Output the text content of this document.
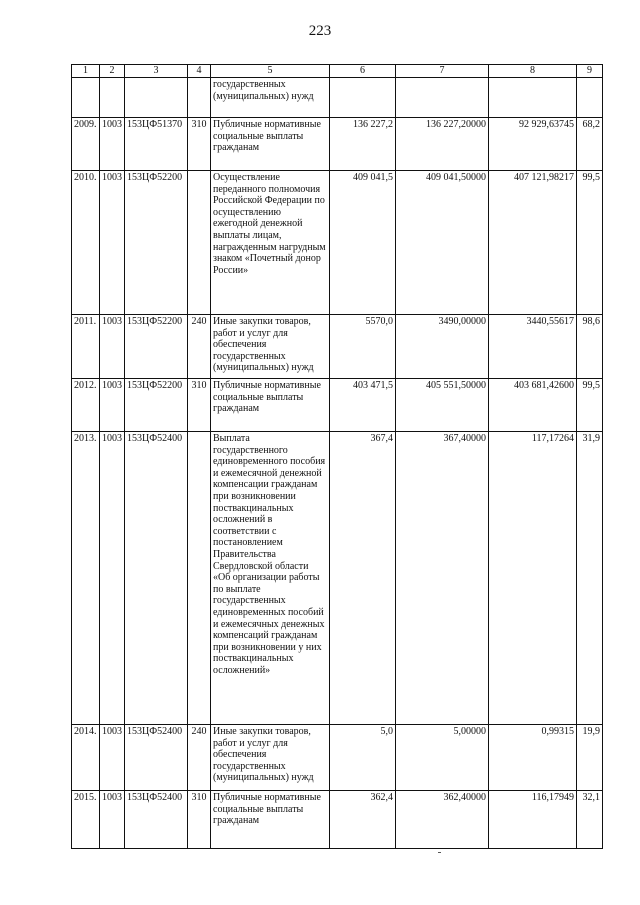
223
1	2	3	4	5	6	7	8	9
				государственных (муниципальных) нужд				
2009.	1003	153ЦФ51370	310	Публичные нормативные социальные выплаты гражданам	136 227,2	136 227,20000	92 929,63745	68,2
2010.	1003	153ЦФ52200		Осуществление переданного полномочия Российской Федерации по осуществлению ежегодной денежной выплаты лицам, награжденным нагрудным знаком «Почетный донор России»	409 041,5	409 041,50000	407 121,98217	99,5
2011.	1003	153ЦФ52200	240	Иные закупки товаров, работ и услуг для обеспечения государственных (муниципальных) нужд	5570,0	3490,00000	3440,55617	98,6
2012.	1003	153ЦФ52200	310	Публичные нормативные социальные выплаты гражданам	403 471,5	405 551,50000	403 681,42600	99,5
2013.	1003	153ЦФ52400		Выплата государственного единовременного пособия и ежемесячной денежной компенсации гражданам при возникновении поствакцинальных осложнений в соответствии с постановлением Правительства Свердловской области «Об организации работы по выплате государственных единовременных пособий и ежемесячных денежных компенсаций гражданам при возникновении у них поствакцинальных осложнений»	367,4	367,40000	117,17264	31,9
2014.	1003	153ЦФ52400	240	Иные закупки товаров, работ и услуг для обеспечения государственных (муниципальных) нужд	5,0	5,00000	0,99315	19,9
2015.	1003	153ЦФ52400	310	Публичные нормативные социальные выплаты гражданам	362,4	362,40000	116,17949	32,1
